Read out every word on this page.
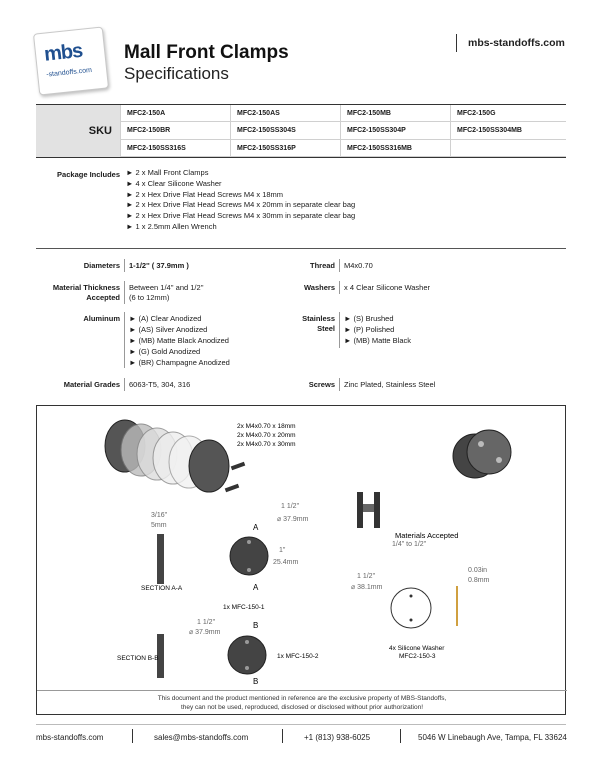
mbs
-standoffs.com
Mall Front Clamps
Specifications
mbs-standoffs.com
SKU
MFC2-150A	MFC2-150AS	MFC2-150MB	MFC2-150G
MFC2-150BR	MFC2-150SS304S	MFC2-150SS304P	MFC2-150SS304MB
MFC2-150SS316S	MFC2-150SS316P	MFC2-150SS316MB
Package Includes ► 2 x Mall Front Clamps
► 4 x Clear Silicone Washer
► 2 x Hex Drive Flat Head Screws M4 x 18mm
► 2 x Hex Drive Flat Head Screws M4 x 20mm in separate clear bag
► 2 x Hex Drive Flat Head Screws M4 x 30mm in separate clear bag
► 1 x 2.5mm Allen Wrench
Diameters 1-1/2'' ( 37.9mm )	Thread M4x0.70
Material Thickness
Accepted
Between 1/4'' and 1/2''
(6 to 12mm)
Washers x 4 Clear Silicone Washer
Aluminum ► (A) Clear Anodized
► (AS) Silver Anodized
► (MB) Matte Black Anodized
► (G) Gold Anodized
► (BR) Champagne Anodized
Stainless
Steel
► (S) Brushed
► (P) Polished
► (MB) Matte Black
Material Grades 6063-T5, 304, 316	Screws Zinc Plated, Stainless Steel
2x M4x0.70 x 18mm
2x M4x0.70 x 20mm
2x M4x0.70 x 30mm
3/16"
5mm
SECTION A-A
1 1/2"
⌀ 37.9mm
A
1"
25.4mm
A
1x MFC-150-1
Materials Accepted
1/4" to 1/2"
1 1/2"
⌀ 38.1mm
0.03in
0.8mm
4x Silicone Washer
MFC2-150-3
1 1/2"
⌀ 37.9mm
B
B
1x MFC-150-2
SECTION B-B
This document and the product mentioned in reference are the exclusive property of MBS-Standoffs,
they can not be used, reproduced, disclosed or disclosed without prior authorization!
mbs-standoffs.com	sales@mbs-standoffs.com	+1 (813) 938-6025	5046 W Linebaugh Ave, Tampa, FL 33624
